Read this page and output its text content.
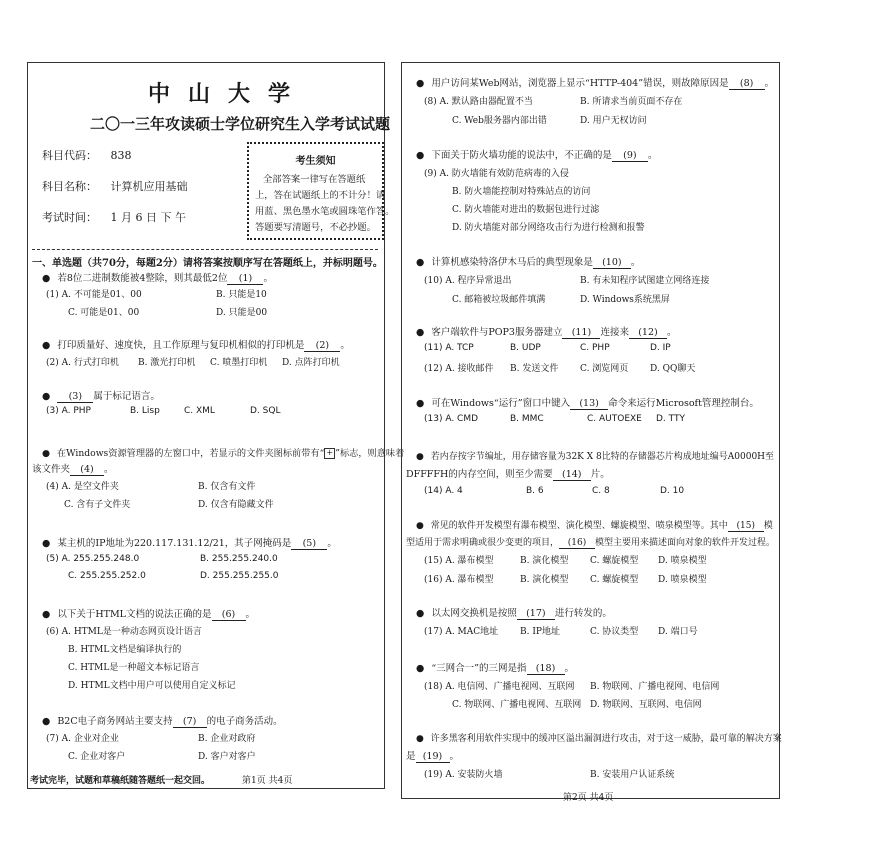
中山大学
二〇一三年攻读硕士学位研究生入学考试试题
科目代码： 838
科目名称： 计算机应用基础
考试时间： 1 月 6 日 下 午
考生须知
全部答案一律写在答题纸
上，答在试题纸上的不计分！请
用蓝、黑色墨水笔或圆珠笔作答。
答题要写清题号，不必抄题。
一、单选题（共70分，每题2分）请将答案按顺序写在答题纸上，并标明题号。
● 若8位二进制数能被4整除，则其最低2位 (1) 。
(1) A. 不可能是01、00	B. 只能是10
C. 可能是01、00	D. 只能是00
● 打印质量好、速度快，且工作原理与复印机相似的打印机是 (2) 。
(2) A. 行式打印机 B. 激光打印机 C. 喷墨打印机 D. 点阵打印机
● (3) 属于标记语言。
(3) A. PHP	B. Lisp	C. XML	D. SQL
● 在Windows资源管理器的左窗口中，若显示的文件夹图标前带有“ + ”标志，则意味着
该文件夹 (4) 。
(4) A. 是空文件夹	B. 仅含有文件
C. 含有子文件夹	D. 仅含有隐藏文件
● 某主机的IP地址为220.117.131.12/21，其子网掩码是 (5) 。
(5) A. 255.255.248.0	B. 255.255.240.0
C. 255.255.252.0	D. 255.255.255.0
● 以下关于HTML文档的说法正确的是 (6) 。
(6) A. HTML是一种动态网页设计语言
B. HTML文档是编译执行的
C. HTML是一种超文本标记语言
D. HTML文档中用户可以使用自定义标记
● B2C电子商务网站主要支持 (7) 的电子商务活动。
(7) A. 企业对企业	B. 企业对政府
C. 企业对客户	D. 客户对客户
考试完毕，试题和草稿纸随答题纸一起交回。	第1页 共4页
● 用户访问某Web网站，浏览器上显示“HTTP-404”错误，则故障原因是 (8) 。
(8) A. 默认路由器配置不当	B. 所请求当前页面不存在
C. Web服务器内部出错	D. 用户无权访问
● 下面关于防火墙功能的说法中，不正确的是 (9) 。
(9) A. 防火墙能有效防范病毒的入侵
B. 防火墙能控制对特殊站点的访问
C. 防火墙能对进出的数据包进行过滤
D. 防火墙能对部分网络攻击行为进行检测和报警
● 计算机感染特洛伊木马后的典型现象是 (10) 。
(10) A. 程序异常退出	B. 有未知程序试图建立网络连接
C. 邮箱被垃圾邮件填满	D. Windows系统黑屏
● 客户端软件与POP3服务器建立 (11) 连接来 (12) 。
(11) A. TCP	B. UDP	C. PHP	D. IP
(12) A. 接收邮件 B. 发送文件 C. 浏览网页 D. QQ聊天
● 可在Windows“运行”窗口中键入 (13) 命令来运行Microsoft管理控制台。
(13) A. CMD	B. MMC	C. AUTOEXE D. TTY
● 若内存按字节编址，用存储容量为32K X 8比特的存储器芯片构成地址编号A0000H至
DFFFFH的内存空间，则至少需要 (14) 片。
(14) A. 4	B. 6	C. 8	D. 10
● 常见的软件开发模型有瀑布模型、演化模型、螺旋模型、喷泉模型等。其中 (15) 模
型适用于需求明确或很少变更的项目， (16) 模型主要用来描述面向对象的软件开发过程。
(15) A. 瀑布模型	B. 演化模型 C. 螺旋模型 D. 喷泉模型
(16) A. 瀑布模型	B. 演化模型 C. 螺旋模型 D. 喷泉模型
● 以太网交换机是按照 (17) 进行转发的。
(17) A. MAC地址 B. IP地址	C. 协议类型 D. 端口号
● “三网合一”的三网是指 (18) 。
(18) A. 电信网、广播电视网、互联网 B. 物联网、广播电视网、电信网
C. 物联网、广播电视网、互联网 D. 物联网、互联网、电信网
● 许多黑客利用软件实现中的缓冲区溢出漏洞进行攻击，对于这一威胁，最可靠的解决方案
是 (19) 。
(19) A. 安装防火墙	B. 安装用户认证系统
第2页 共4页
